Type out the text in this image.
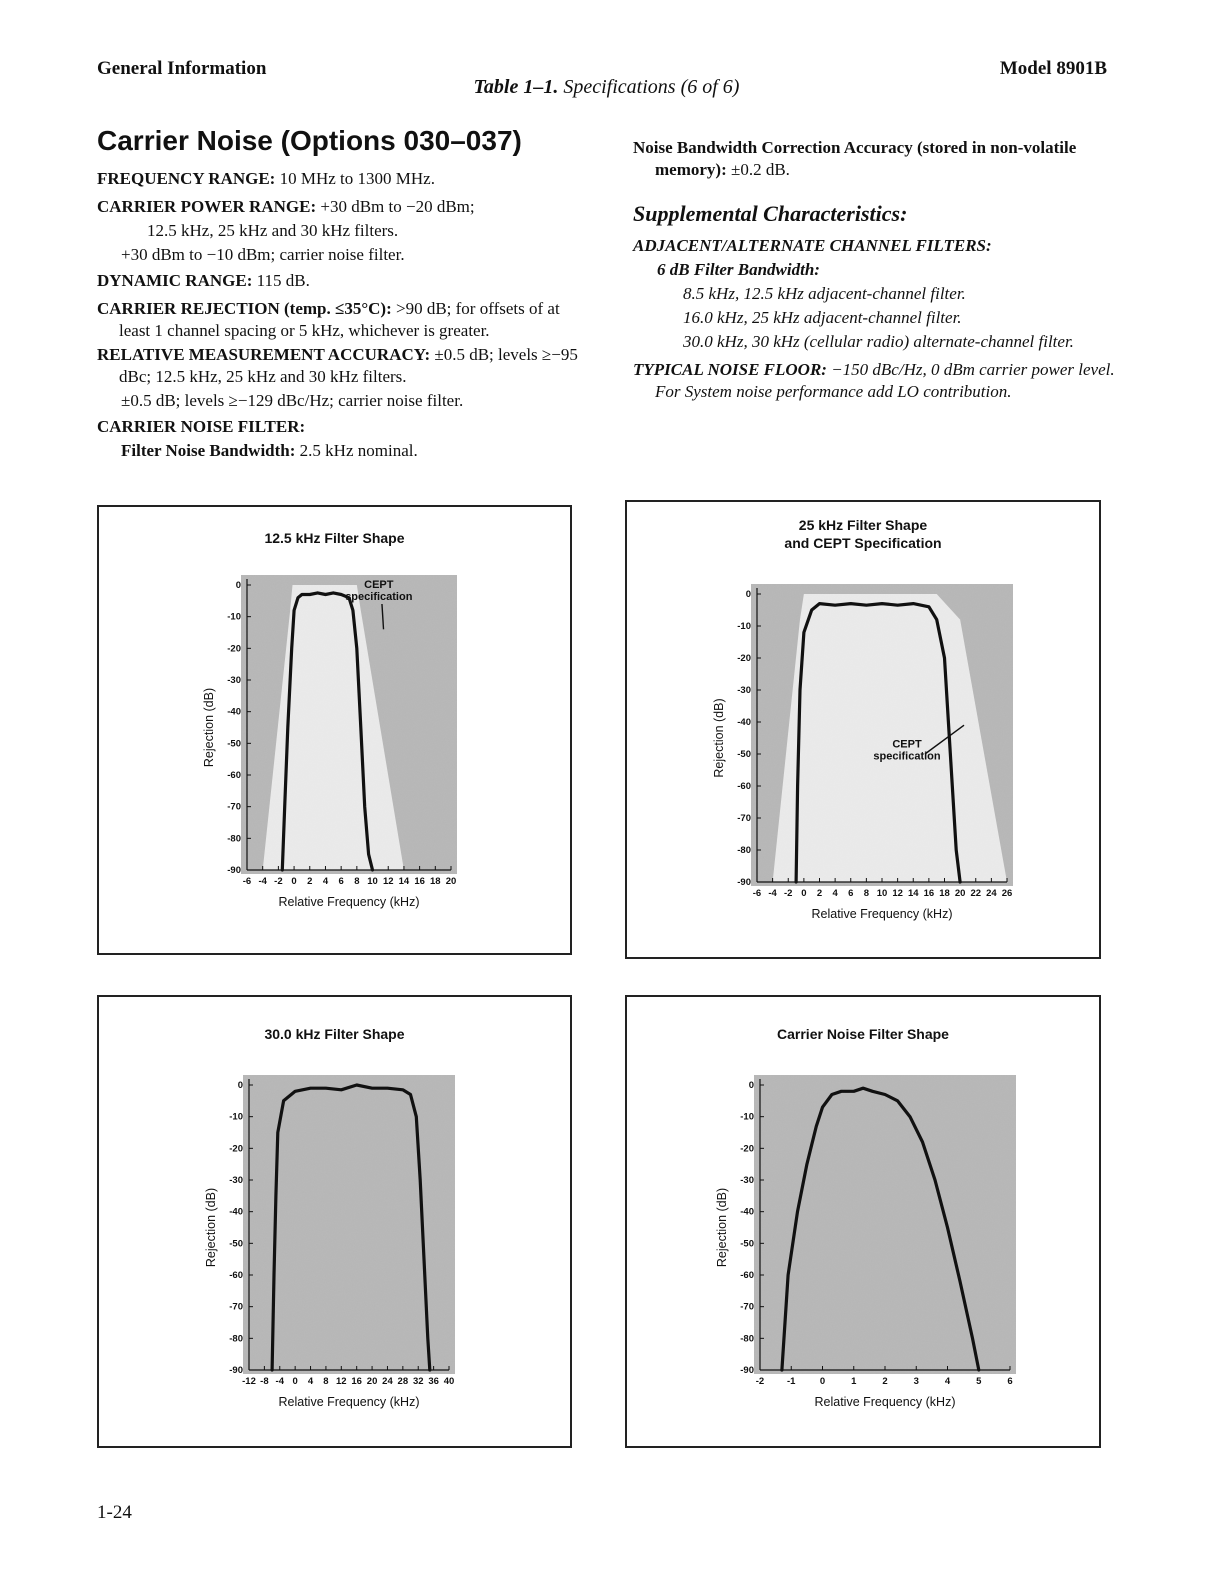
General Information	Model 8901B
Table 1–1. Specifications (6 of 6)
Carrier Noise (Options 030–037)

FREQUENCY RANGE: 10 MHz to 1300 MHz.

CARRIER POWER RANGE: +30 dBm to −20 dBm;

12.5 kHz, 25 kHz and 30 kHz filters.

+30 dBm to −10 dBm; carrier noise filter.

DYNAMIC RANGE: 115 dB.

CARRIER REJECTION (temp. ≤35°C): >90 dB; for offsets of at least 1 channel spacing or 5 kHz, whichever is greater.

RELATIVE MEASUREMENT ACCURACY: ±0.5 dB; levels ≥−95 dBc; 12.5 kHz, 25 kHz and 30 kHz filters.

±0.5 dB; levels ≥−129 dBc/Hz; carrier noise filter.

CARRIER NOISE FILTER:

Filter Noise Bandwidth: 2.5 kHz nominal.

Noise Bandwidth Correction Accuracy (stored in non-volatile memory): ±0.2 dB.

Supplemental Characteristics:

ADJACENT/ALTERNATE CHANNEL FILTERS:

6 dB Filter Bandwidth:

8.5 kHz, 12.5 kHz adjacent-channel filter.

16.0 kHz, 25 kHz adjacent-channel filter.

30.0 kHz, 30 kHz (cellular radio) alternate-channel filter.

TYPICAL NOISE FLOOR: −150 dBc/Hz, 0 dBm carrier power level. For System noise performance add LO contribution.

12.5 kHz Filter Shape
0
-10
-20
-30
-40
-50
-60
-70
-80
-90
-6 -4 -2 0 2 4 6 8 10 12 14 16 18 20
Relative Frequency (kHz)
Rejection (dB)
CEPT specification
25 kHz Filter Shape and CEPT Specification
0
-10
-20
-30
-40
-50
-60
-70
-80
-90
-6 -4 -2 0 2 4 6 8 10 12 14 16 18 20 22 24 26
Relative Frequency (kHz)
Rejection (dB)	CEPT specification
30.0 kHz Filter Shape
0
-10
-20
-30
-40
-50
-60
-70
-80
-90
-12 -8 -4 0 4 8 12 16 20 24 28 32 36 40
Relative Frequency (kHz)
Rejection (dB)
Carrier Noise Filter Shape
0
-10
-20
-30
-40
-50
-60
-70
-80
-90
-2 -1	0	1	2	3	4	5	6
Relative Frequency (kHz)
Rejection (dB)
1-24
